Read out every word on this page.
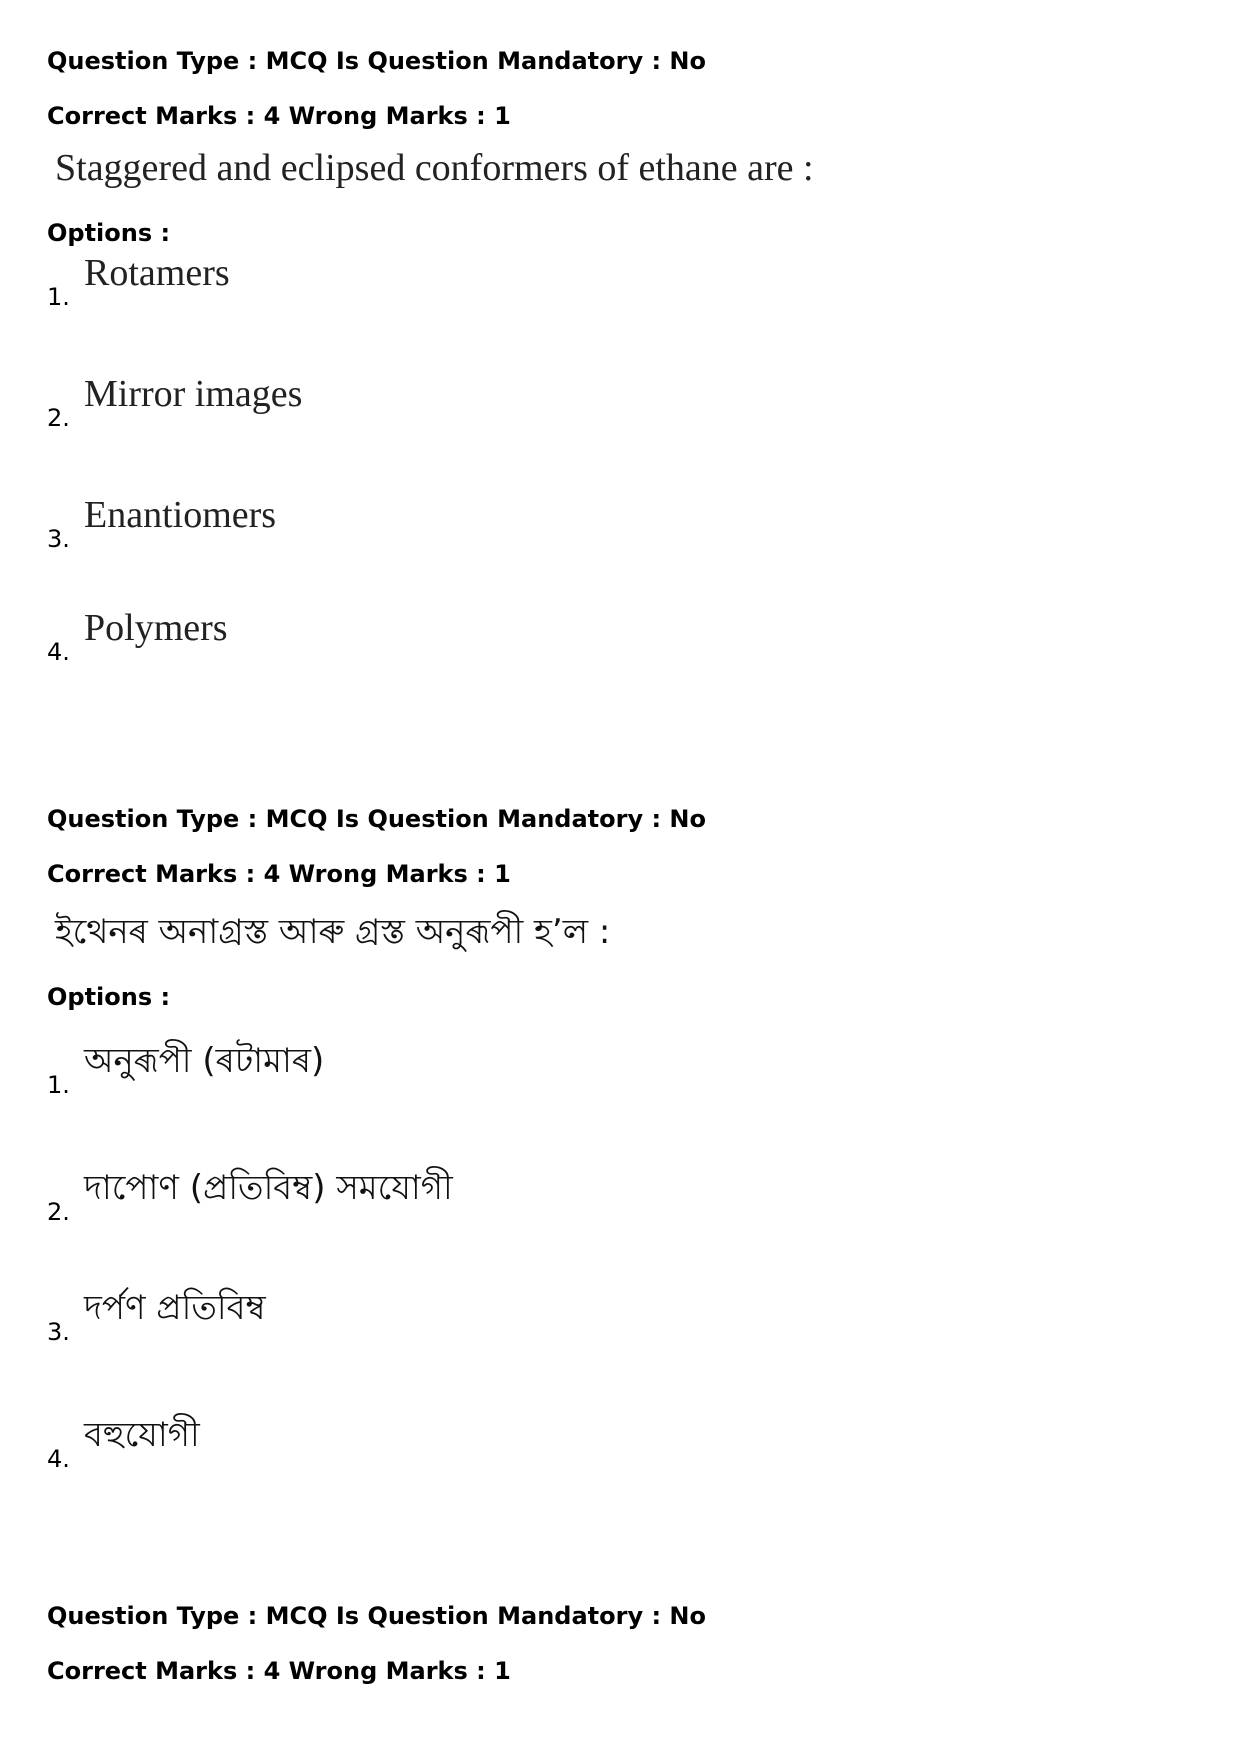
Question Type : MCQ Is Question Mandatory : No
Correct Marks : 4 Wrong Marks : 1
Staggered and eclipsed conformers of ethane are :
Options :
1.
Rotamers
2.
Mirror images
3.
Enantiomers
4.
Polymers
Question Type : MCQ Is Question Mandatory : No
Correct Marks : 4 Wrong Marks : 1
ইথেনৰ অনাগ্ৰস্ত আৰু গ্ৰস্ত অনুৰূপী হ’ল :
Options :
1.
অনুৰূপী (ৰটামাৰ)
2.
দাপোণ (প্ৰতিবিম্ব) সমযোগী
3.
দৰ্পণ প্ৰতিবিম্ব
4.
বহুযোগী
Question Type : MCQ Is Question Mandatory : No
Correct Marks : 4 Wrong Marks : 1
